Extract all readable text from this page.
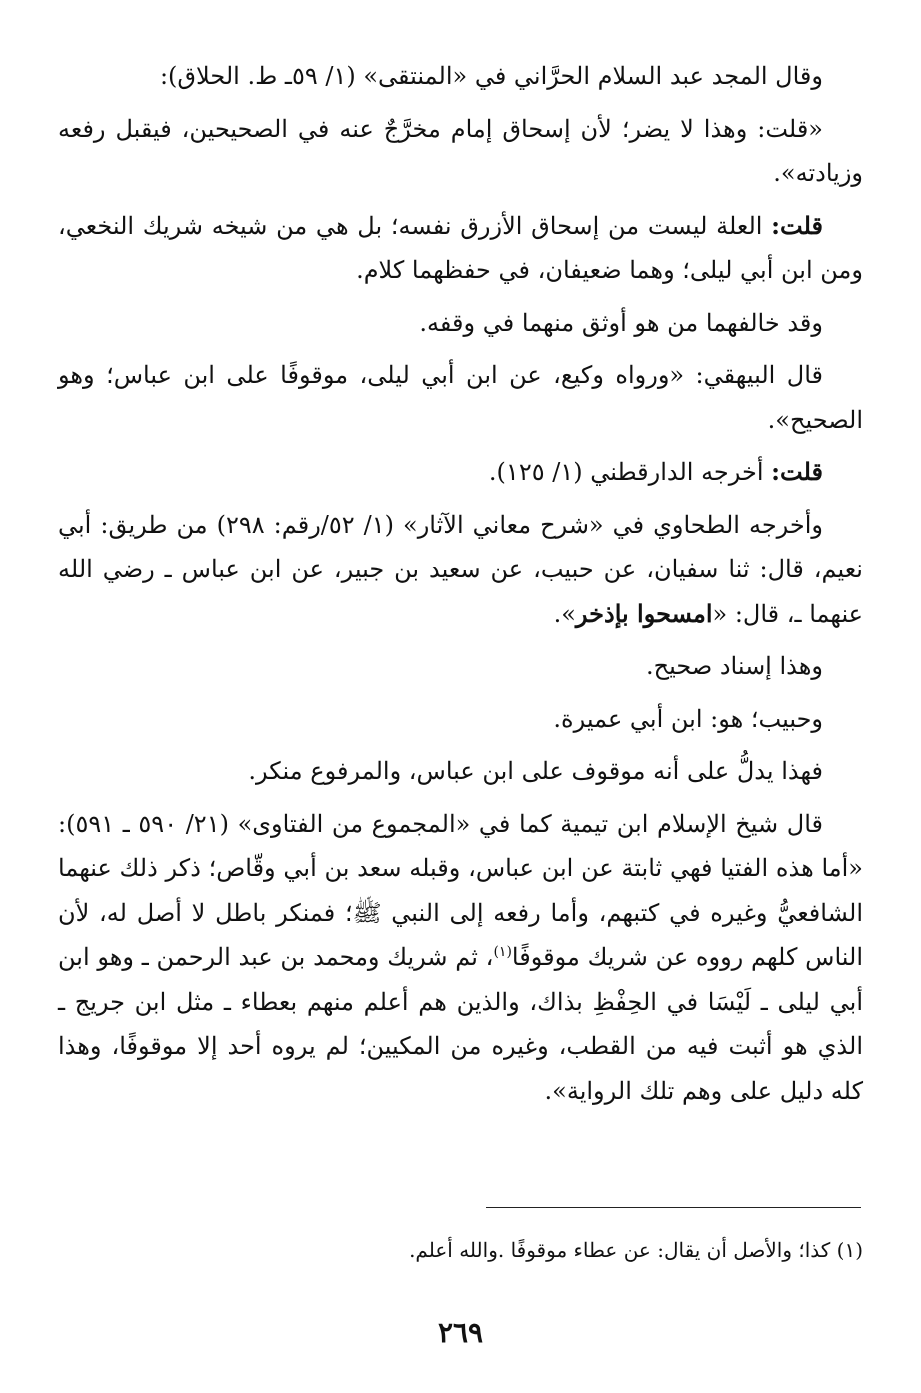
وقال المجد عبد السلام الحرَّاني في «المنتقى» (١/ ٥٩ـ ط. الحلاق):

«قلت: وهذا لا يضر؛ لأن إسحاق إمام مخرَّجٌ عنه في الصحيحين، فيقبل رفعه وزيادته».

قلت: العلة ليست من إسحاق الأزرق نفسه؛ بل هي من شيخه شريك النخعي، ومن ابن أبي ليلى؛ وهما ضعيفان، في حفظهما كلام.

وقد خالفهما من هو أوثق منهما في وقفه.

قال البيهقي: «ورواه وكيع، عن ابن أبي ليلى، موقوفًا على ابن عباس؛ وهو الصحيح».

قلت: أخرجه الدارقطني (١/ ١٢٥).

وأخرجه الطحاوي في «شرح معاني الآثار» (١/ ٥٢/رقم: ٢٩٨) من طريق: أبي نعيم، قال: ثنا سفيان، عن حبيب، عن سعيد بن جبير، عن ابن عباس ـ رضي الله عنهما ـ، قال: «امسحوا بإذخر».

وهذا إسناد صحيح.

وحبيب؛ هو: ابن أبي عميرة.

فهذا يدلُّ على أنه موقوف على ابن عباس، والمرفوع منكر.

قال شيخ الإسلام ابن تيمية كما في «المجموع من الفتاوى» (٢١/ ٥٩٠ ـ ٥٩١): «أما هذه الفتيا فهي ثابتة عن ابن عباس، وقبله سعد بن أبي وقّاص؛ ذكر ذلك عنهما الشافعيُّ وغيره في كتبهم، وأما رفعه إلى النبي ﷺ؛ فمنكر باطل لا أصل له، لأن الناس كلهم رووه عن شريك موقوفًا$^{(١)}$، ثم شريك ومحمد بن عبد الرحمن ـ وهو ابن أبي ليلى ـ لَيْسَا في الحِفْظِ بذاك، والذين هم أعلم منهم بعطاء ـ مثل ابن جريج ـ الذي هو أثبت فيه من القطب، وغيره من المكيين؛ لم يروه أحد إلا موقوفًا، وهذا كله دليل على وهم تلك الرواية».

(١) كذا؛ والأصل أن يقال: عن عطاء موقوفًا .والله أعلم.
٢٦٩
